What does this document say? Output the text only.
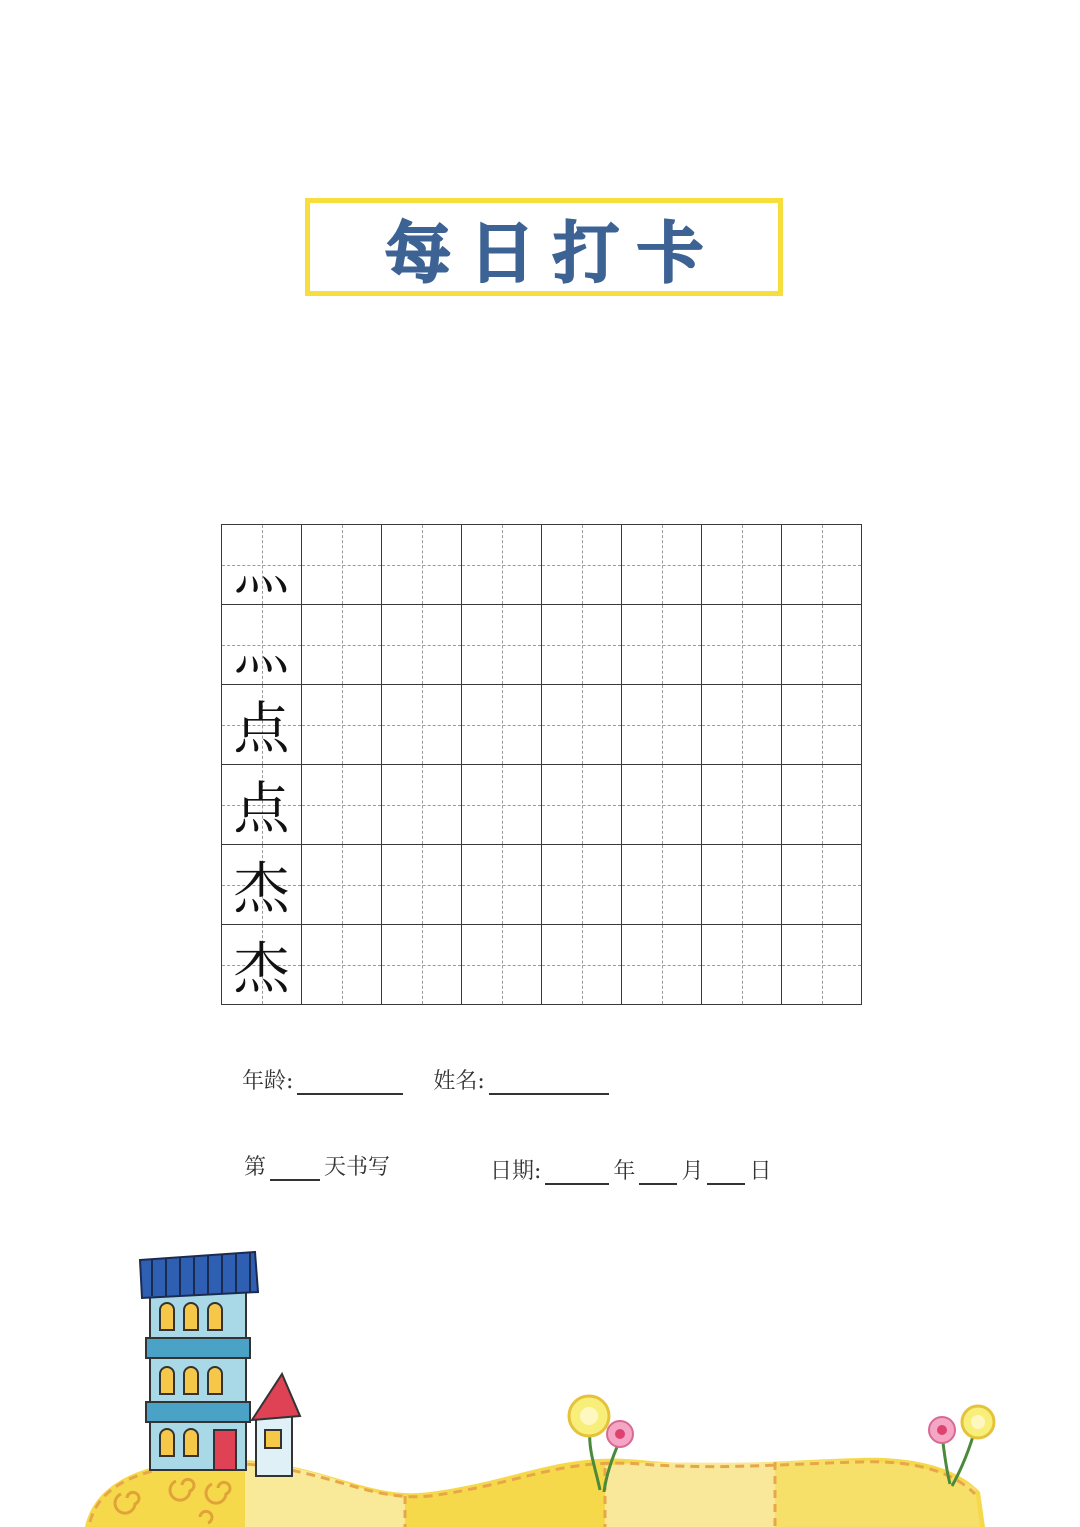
每日打卡
灬							

灬							

点							

点							

杰							

杰							

年龄:	姓名:
第	天书写	日期:	年 月 日
